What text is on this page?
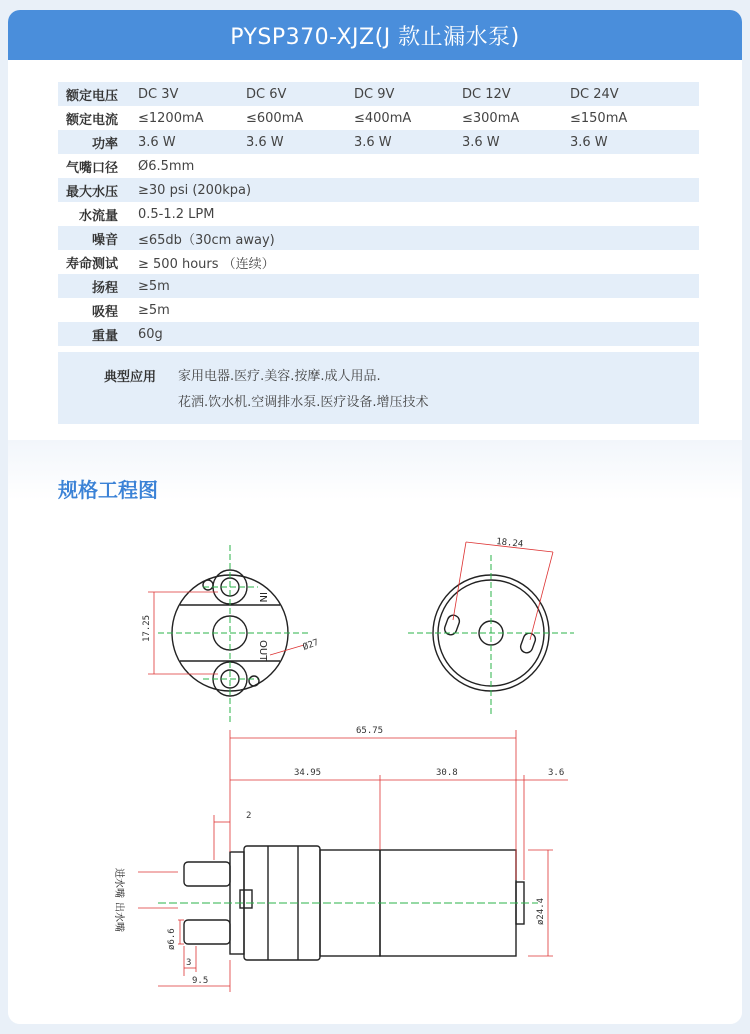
PYSP370-XJZ(J 款止漏水泵)
额定电压	DC 3V	DC 6V	DC 9V	DC 12V	DC 24V
额定电流	≤1200mA	≤600mA	≤400mA	≤300mA	≤150mA
功率	3.6 W	3.6 W	3.6 W	3.6 W	3.6 W
气嘴口径	Ø6.5mm
最大水压	≥30 psi (200kpa)
水流量	0.5-1.2 LPM
噪音	≤65db（30cm away)
寿命测试	≥ 500 hours （连续）
扬程	≥5m
吸程	≥5m
重量	60g
典型应用	家用电器.医疗.美容.按摩.成人用品.
花洒.饮水机.空调排水泵.医疗设备.增压技术
规格工程图
IN
OUT
17.25
Ø27
18.24
65.75
34.95	30.8	3.6
2
ø24.4
ø6.6
3
9.5
进水嘴
出水嘴
